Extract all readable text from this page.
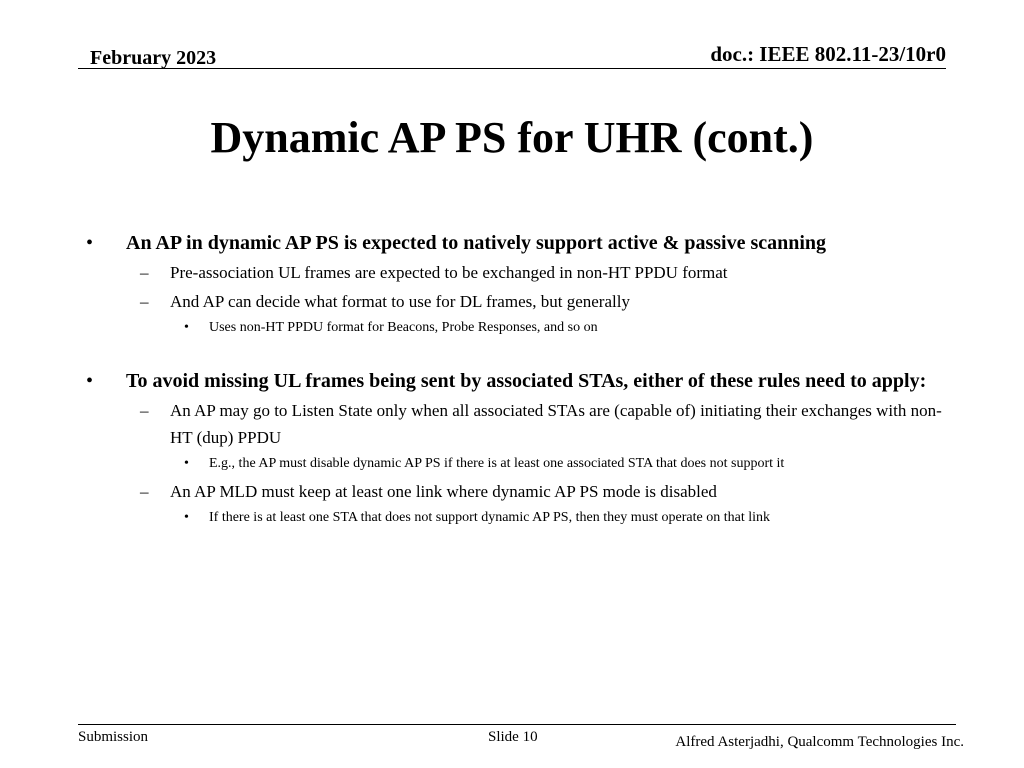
February 2023	doc.: IEEE 802.11-23/10r0
Dynamic AP PS for UHR (cont.)
• An AP in dynamic AP PS is expected to natively support active & passive scanning
– Pre-association UL frames are expected to be exchanged in non-HT PPDU format
– And AP can decide what format to use for DL frames, but generally
• Uses non-HT PPDU format for Beacons, Probe Responses, and so on
• To avoid missing UL frames being sent by associated STAs, either of these rules need to apply:
– An AP may go to Listen State only when all associated STAs are (capable of) initiating their exchanges with non-HT (dup) PPDU
• E.g., the AP must disable dynamic AP PS if there is at least one associated STA that does not support it
– An AP MLD must keep at least one link where dynamic AP PS mode is disabled
• If there is at least one STA that does not support dynamic AP PS, then they must operate on that link
Submission	Slide 10	Alfred Asterjadhi, Qualcomm Technologies Inc.
